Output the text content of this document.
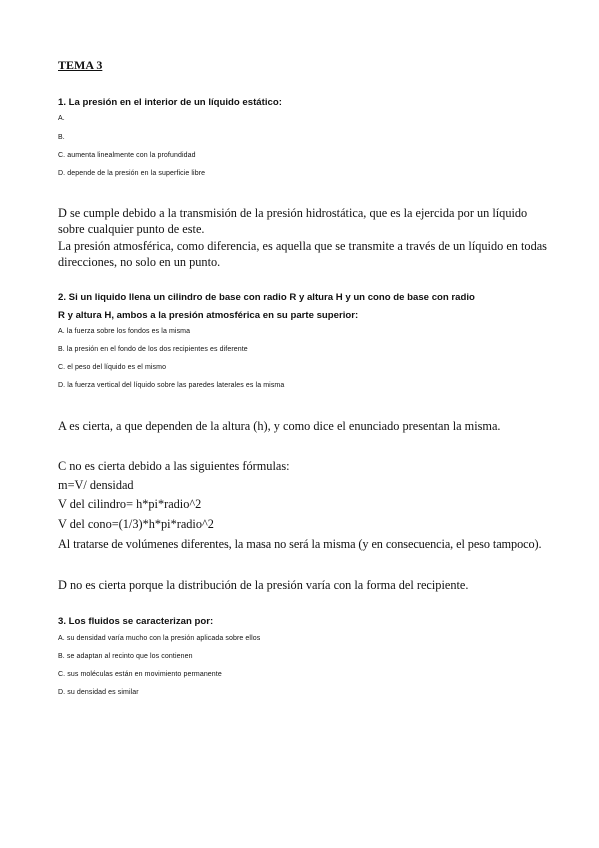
TEMA 3
1. La presión en el interior de un líquido estático:
A.
B.
C. aumenta linealmente con la profundidad
D. depende de la presión en la superficie libre
D se cumple debido a la transmisión de la presión hidrostática, que es la ejercida por un líquido sobre cualquier punto de este.
La presión atmosférica, como diferencia, es aquella que se transmite a través de un líquido en todas direcciones, no solo en un punto.
2. Si un liquido llena un cilindro de base con radio R y altura H y un cono de base con radio
R y altura H, ambos a la presión atmosférica en su parte superior:
A. la fuerza sobre los fondos es la misma
B. la presión en el fondo de los dos recipientes es diferente
C. el peso del líquido es el mismo
D. la fuerza vertical del líquido sobre las paredes laterales es la misma
A es cierta, a que dependen de la altura (h), y como dice el enunciado presentan la misma.
C no es cierta debido a las siguientes fórmulas:
m=V/ densidad
V del cilindro= h*pi*radio^2
V del cono=(1/3)*h*pi*radio^2
Al tratarse de volúmenes diferentes, la masa no será la misma (y en consecuencia, el peso tampoco).
D no es cierta porque la distribución de la presión varía con la forma del recipiente.
3. Los fluidos se caracterizan por:
A. su densidad varía mucho con la presión aplicada sobre ellos
B. se adaptan al recinto que los contienen
C. sus moléculas están en movimiento permanente
D. su densidad es similar
